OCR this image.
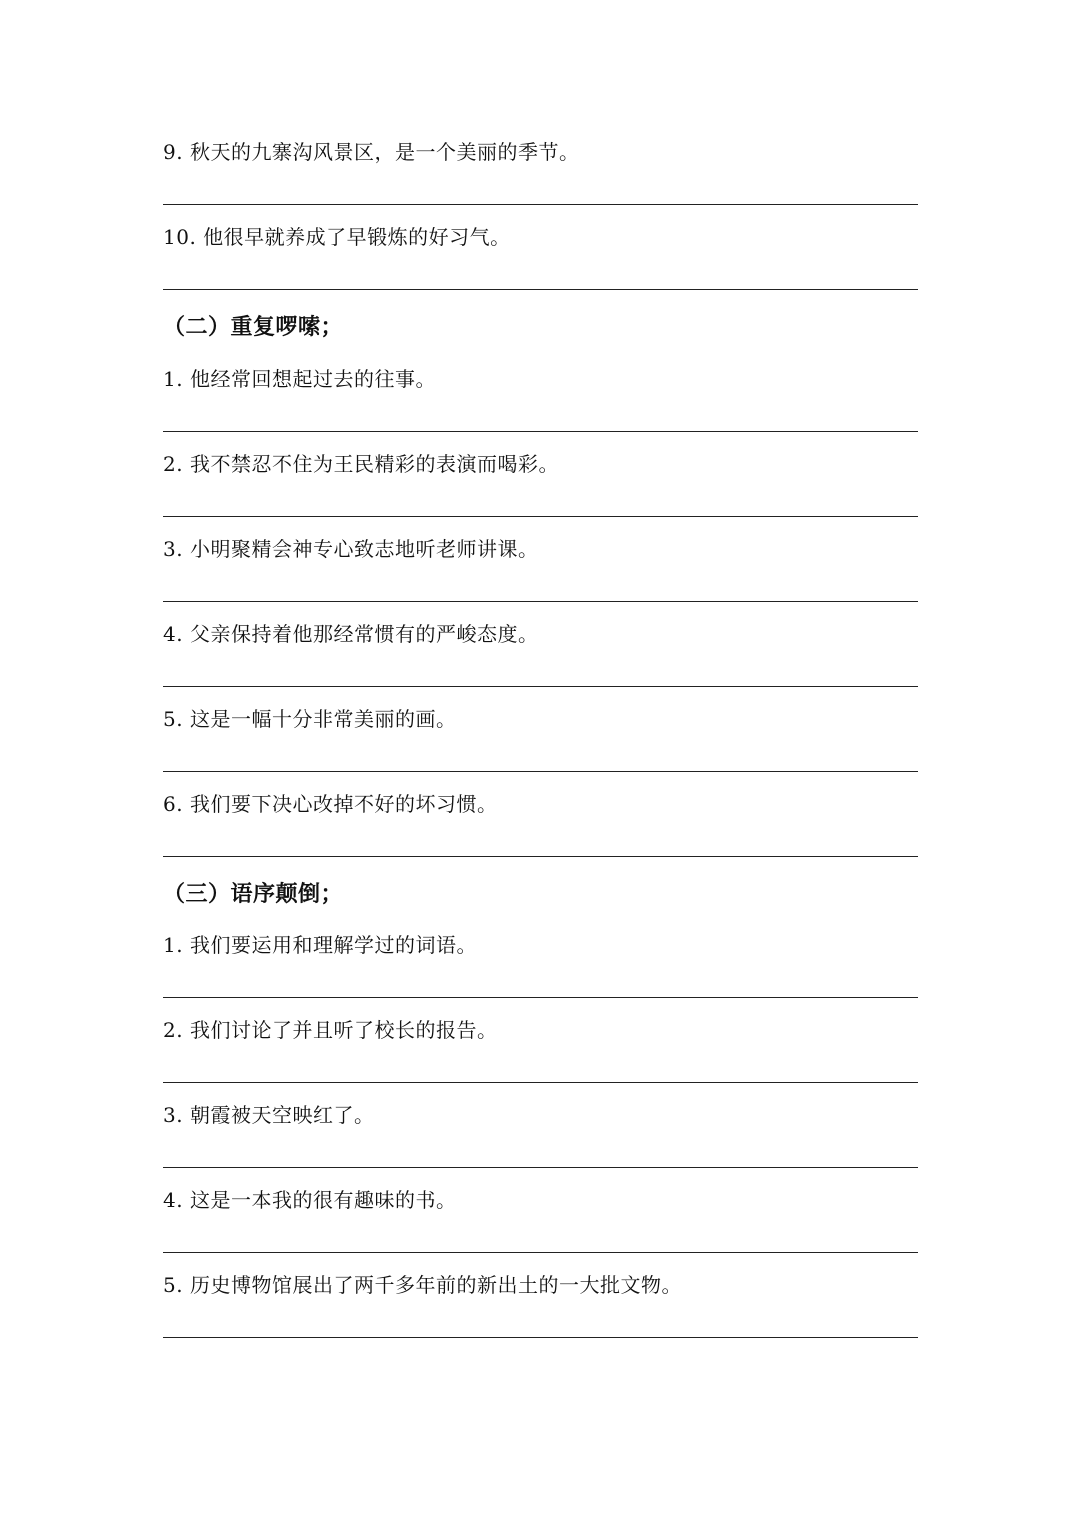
9. 秋天的九寨沟风景区，是一个美丽的季节。
10. 他很早就养成了早锻炼的好习气。
（二）重复啰嗦；
1. 他经常回想起过去的往事。
2. 我不禁忍不住为王民精彩的表演而喝彩。
3. 小明聚精会神专心致志地听老师讲课。
4. 父亲保持着他那经常惯有的严峻态度。
5. 这是一幅十分非常美丽的画。
6. 我们要下决心改掉不好的坏习惯。
（三）语序颠倒；
1. 我们要运用和理解学过的词语。
2. 我们讨论了并且听了校长的报告。
3. 朝霞被天空映红了。
4. 这是一本我的很有趣味的书。
5. 历史博物馆展出了两千多年前的新出土的一大批文物。
